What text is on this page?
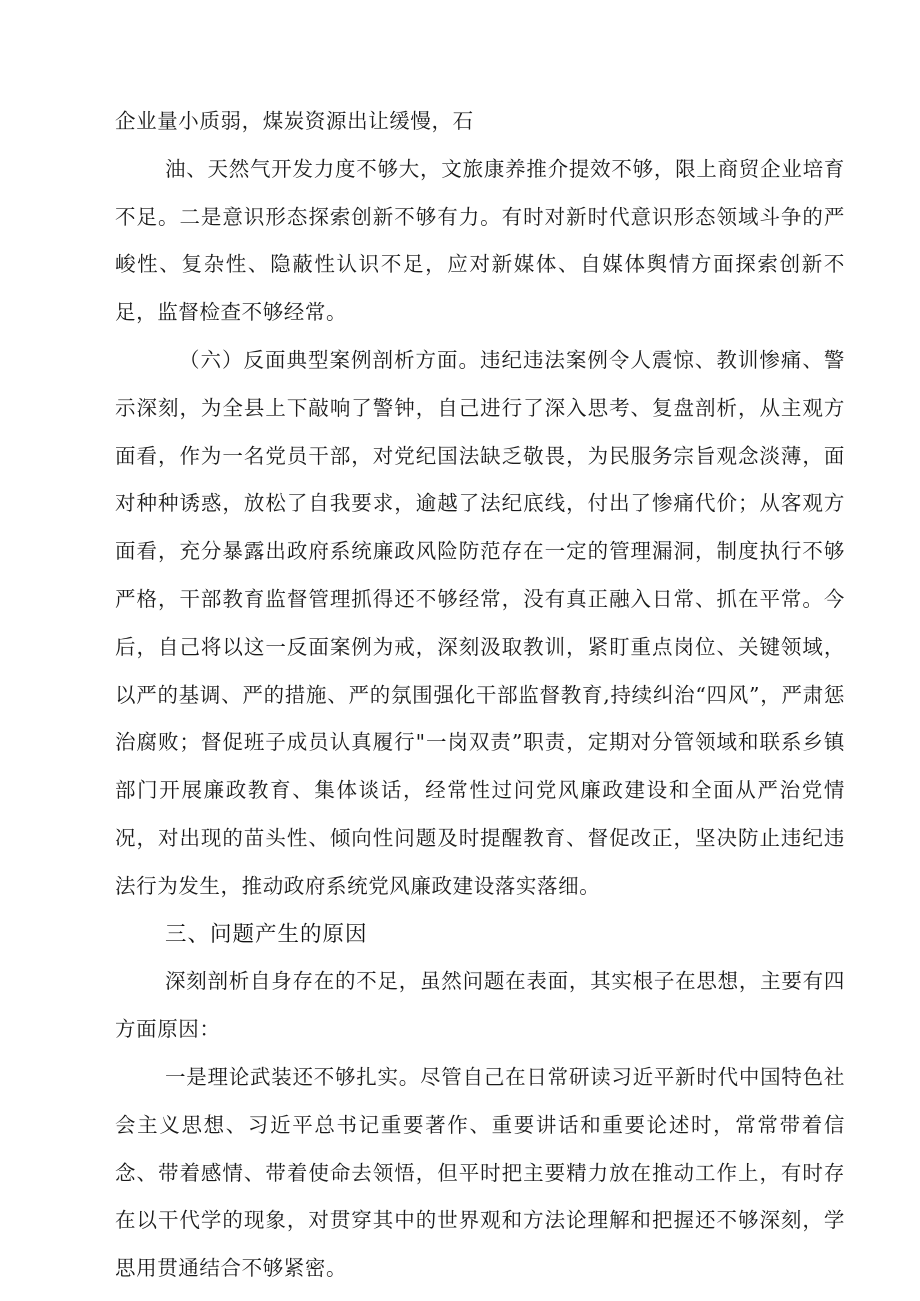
企业量小质弱，煤炭资源出让缓慢，石

油、天然气开发力度不够大，文旅康养推介提效不够，限上商贸企业培育不足。二是意识形态探索创新不够有力。有时对新时代意识形态领域斗争的严峻性、复杂性、隐蔽性认识不足，应对新媒体、自媒体舆情方面探索创新不足，监督检查不够经常。

（六）反面典型案例剖析方面。违纪违法案例令人震惊、教训惨痛、警示深刻，为全县上下敲响了警钟，自己进行了深入思考、复盘剖析，从主观方面看，作为一名党员干部，对党纪国法缺乏敬畏，为民服务宗旨观念淡薄，面对种种诱惑，放松了自我要求，逾越了法纪底线，付出了惨痛代价；从客观方面看，充分暴露出政府系统廉政风险防范存在一定的管理漏洞，制度执行不够严格，干部教育监督管理抓得还不够经常，没有真正融入日常、抓在平常。今后，自己将以这一反面案例为戒，深刻汲取教训，紧盯重点岗位、关键领域，以严的基调、严的措施、严的氛围强化干部监督教育,持续纠治“四风”，严肃惩治腐败；督促班子成员认真履行"一岗双责”职责，定期对分管领域和联系乡镇部门开展廉政教育、集体谈话，经常性过问党风廉政建设和全面从严治党情况，对出现的苗头性、倾向性问题及时提醒教育、督促改正，坚决防止违纪违法行为发生，推动政府系统党风廉政建设落实落细。

三、问题产生的原因

深刻剖析自身存在的不足，虽然问题在表面，其实根子在思想，主要有四方面原因：

一是理论武装还不够扎实。尽管自己在日常研读习近平新时代中国特色社会主义思想、习近平总书记重要著作、重要讲话和重要论述时，常常带着信念、带着感情、带着使命去领悟，但平时把主要精力放在推动工作上，有时存在以干代学的现象，对贯穿其中的世界观和方法论理解和把握还不够深刻，学思用贯通结合不够紧密。
